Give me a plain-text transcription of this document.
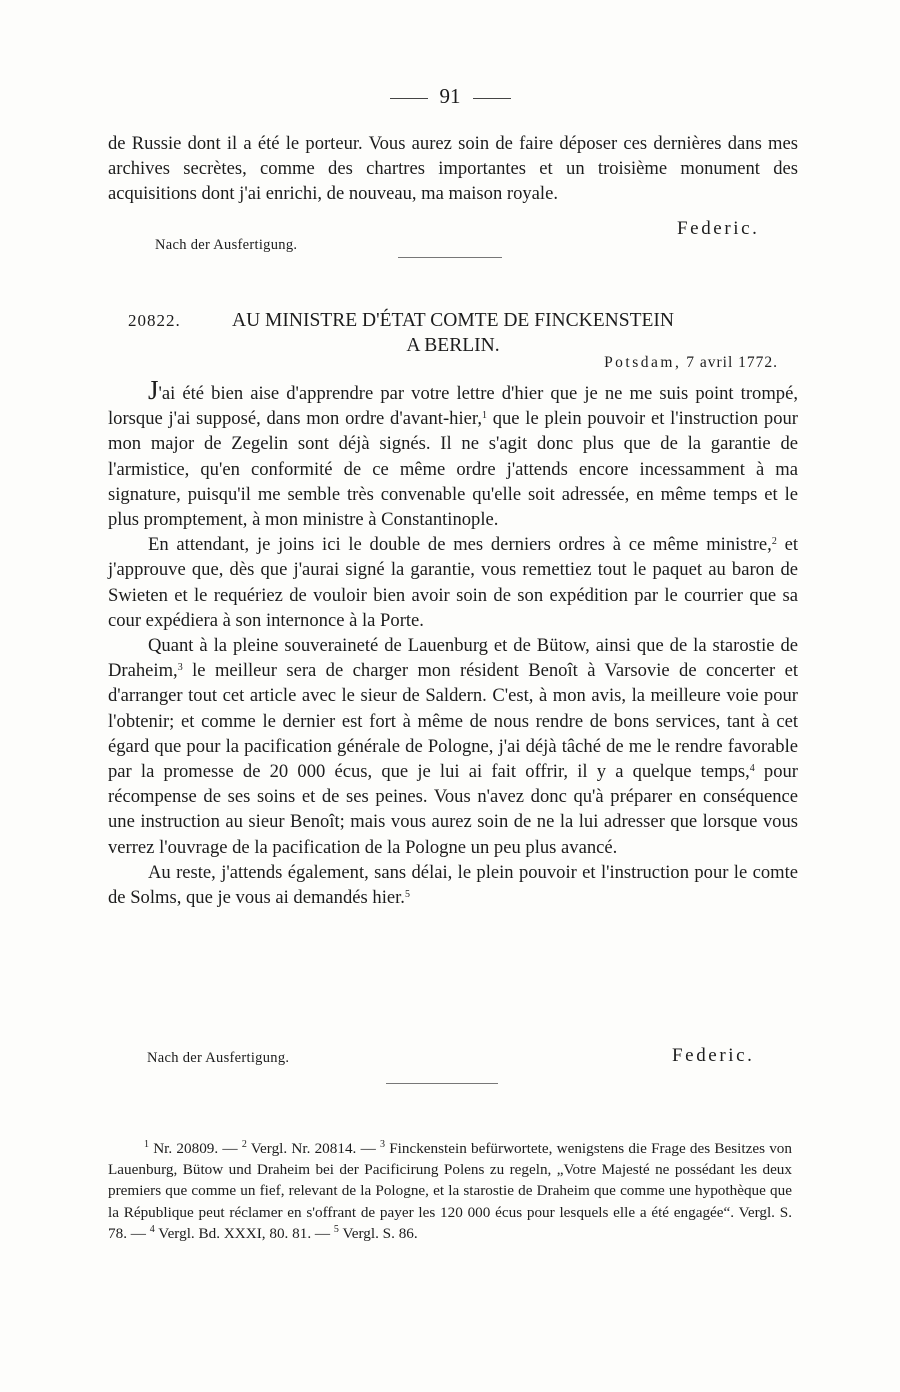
91

de Russie dont il a été le porteur. Vous aurez soin de faire déposer ces dernières dans mes archives secrètes, comme des chartres importantes et un troisième monument des acquisitions dont j'ai enrichi, de nouveau, ma maison royale.

Nach der Ausfertigung.
Federic.
20822.	AU MINISTRE D'ÉTAT COMTE DE FINCKENSTEIN
A BERLIN.
Potsdam, 7 avril 1772.

J'ai été bien aise d'apprendre par votre lettre d'hier que je ne me suis point trompé, lorsque j'ai supposé, dans mon ordre d'avant-hier,$^1$ que le plein pouvoir et l'instruction pour mon major de Zegelin sont déjà signés. Il ne s'agit donc plus que de la garantie de l'armistice, qu'en conformité de ce même ordre j'attends encore incessamment à ma signature, puisqu'il me semble très convenable qu'elle soit adressée, en même temps et le plus promptement, à mon ministre à Constantinople.

En attendant, je joins ici le double de mes derniers ordres à ce même ministre,$^2$ et j'approuve que, dès que j'aurai signé la garantie, vous remettiez tout le paquet au baron de Swieten et le requériez de vouloir bien avoir soin de son expédition par le courrier que sa cour expédiera à son internonce à la Porte.

Quant à la pleine souveraineté de Lauenburg et de Bütow, ainsi que de la starostie de Draheim,$^3$ le meilleur sera de charger mon résident Benoît à Varsovie de concerter et d'arranger tout cet article avec le sieur de Saldern. C'est, à mon avis, la meilleure voie pour l'obtenir; et comme le dernier est fort à même de nous rendre de bons services, tant à cet égard que pour la pacification générale de Pologne, j'ai déjà tâché de me le rendre favorable par la promesse de 20 000 écus, que je lui ai fait offrir, il y a quelque temps,$^4$ pour récompense de ses soins et de ses peines. Vous n'avez donc qu'à préparer en conséquence une instruction au sieur Benoît; mais vous aurez soin de ne la lui adresser que lorsque vous verrez l'ouvrage de la pacification de la Pologne un peu plus avancé.

Au reste, j'attends également, sans délai, le plein pouvoir et l'instruction pour le comte de Solms, que je vous ai demandés hier.$^5$

Nach der Ausfertigung.	Federic.

$^1$ Nr. 20809. — $^2$ Vergl. Nr. 20814. — $^3$ Finckenstein befürwortete, wenigstens die Frage des Besitzes von Lauenburg, Bütow und Draheim bei der Pacificirung Polens zu regeln, „Votre Majesté ne possédant les deux premiers que comme un fief, relevant de la Pologne, et la starostie de Draheim que comme une hypothèque que la République peut réclamer en s'offrant de payer les 120 000 écus pour lesquels elle a été engagée“. Vergl. S. 78. — $^4$ Vergl. Bd. XXXI, 80. 81. — $^5$ Vergl. S. 86.
